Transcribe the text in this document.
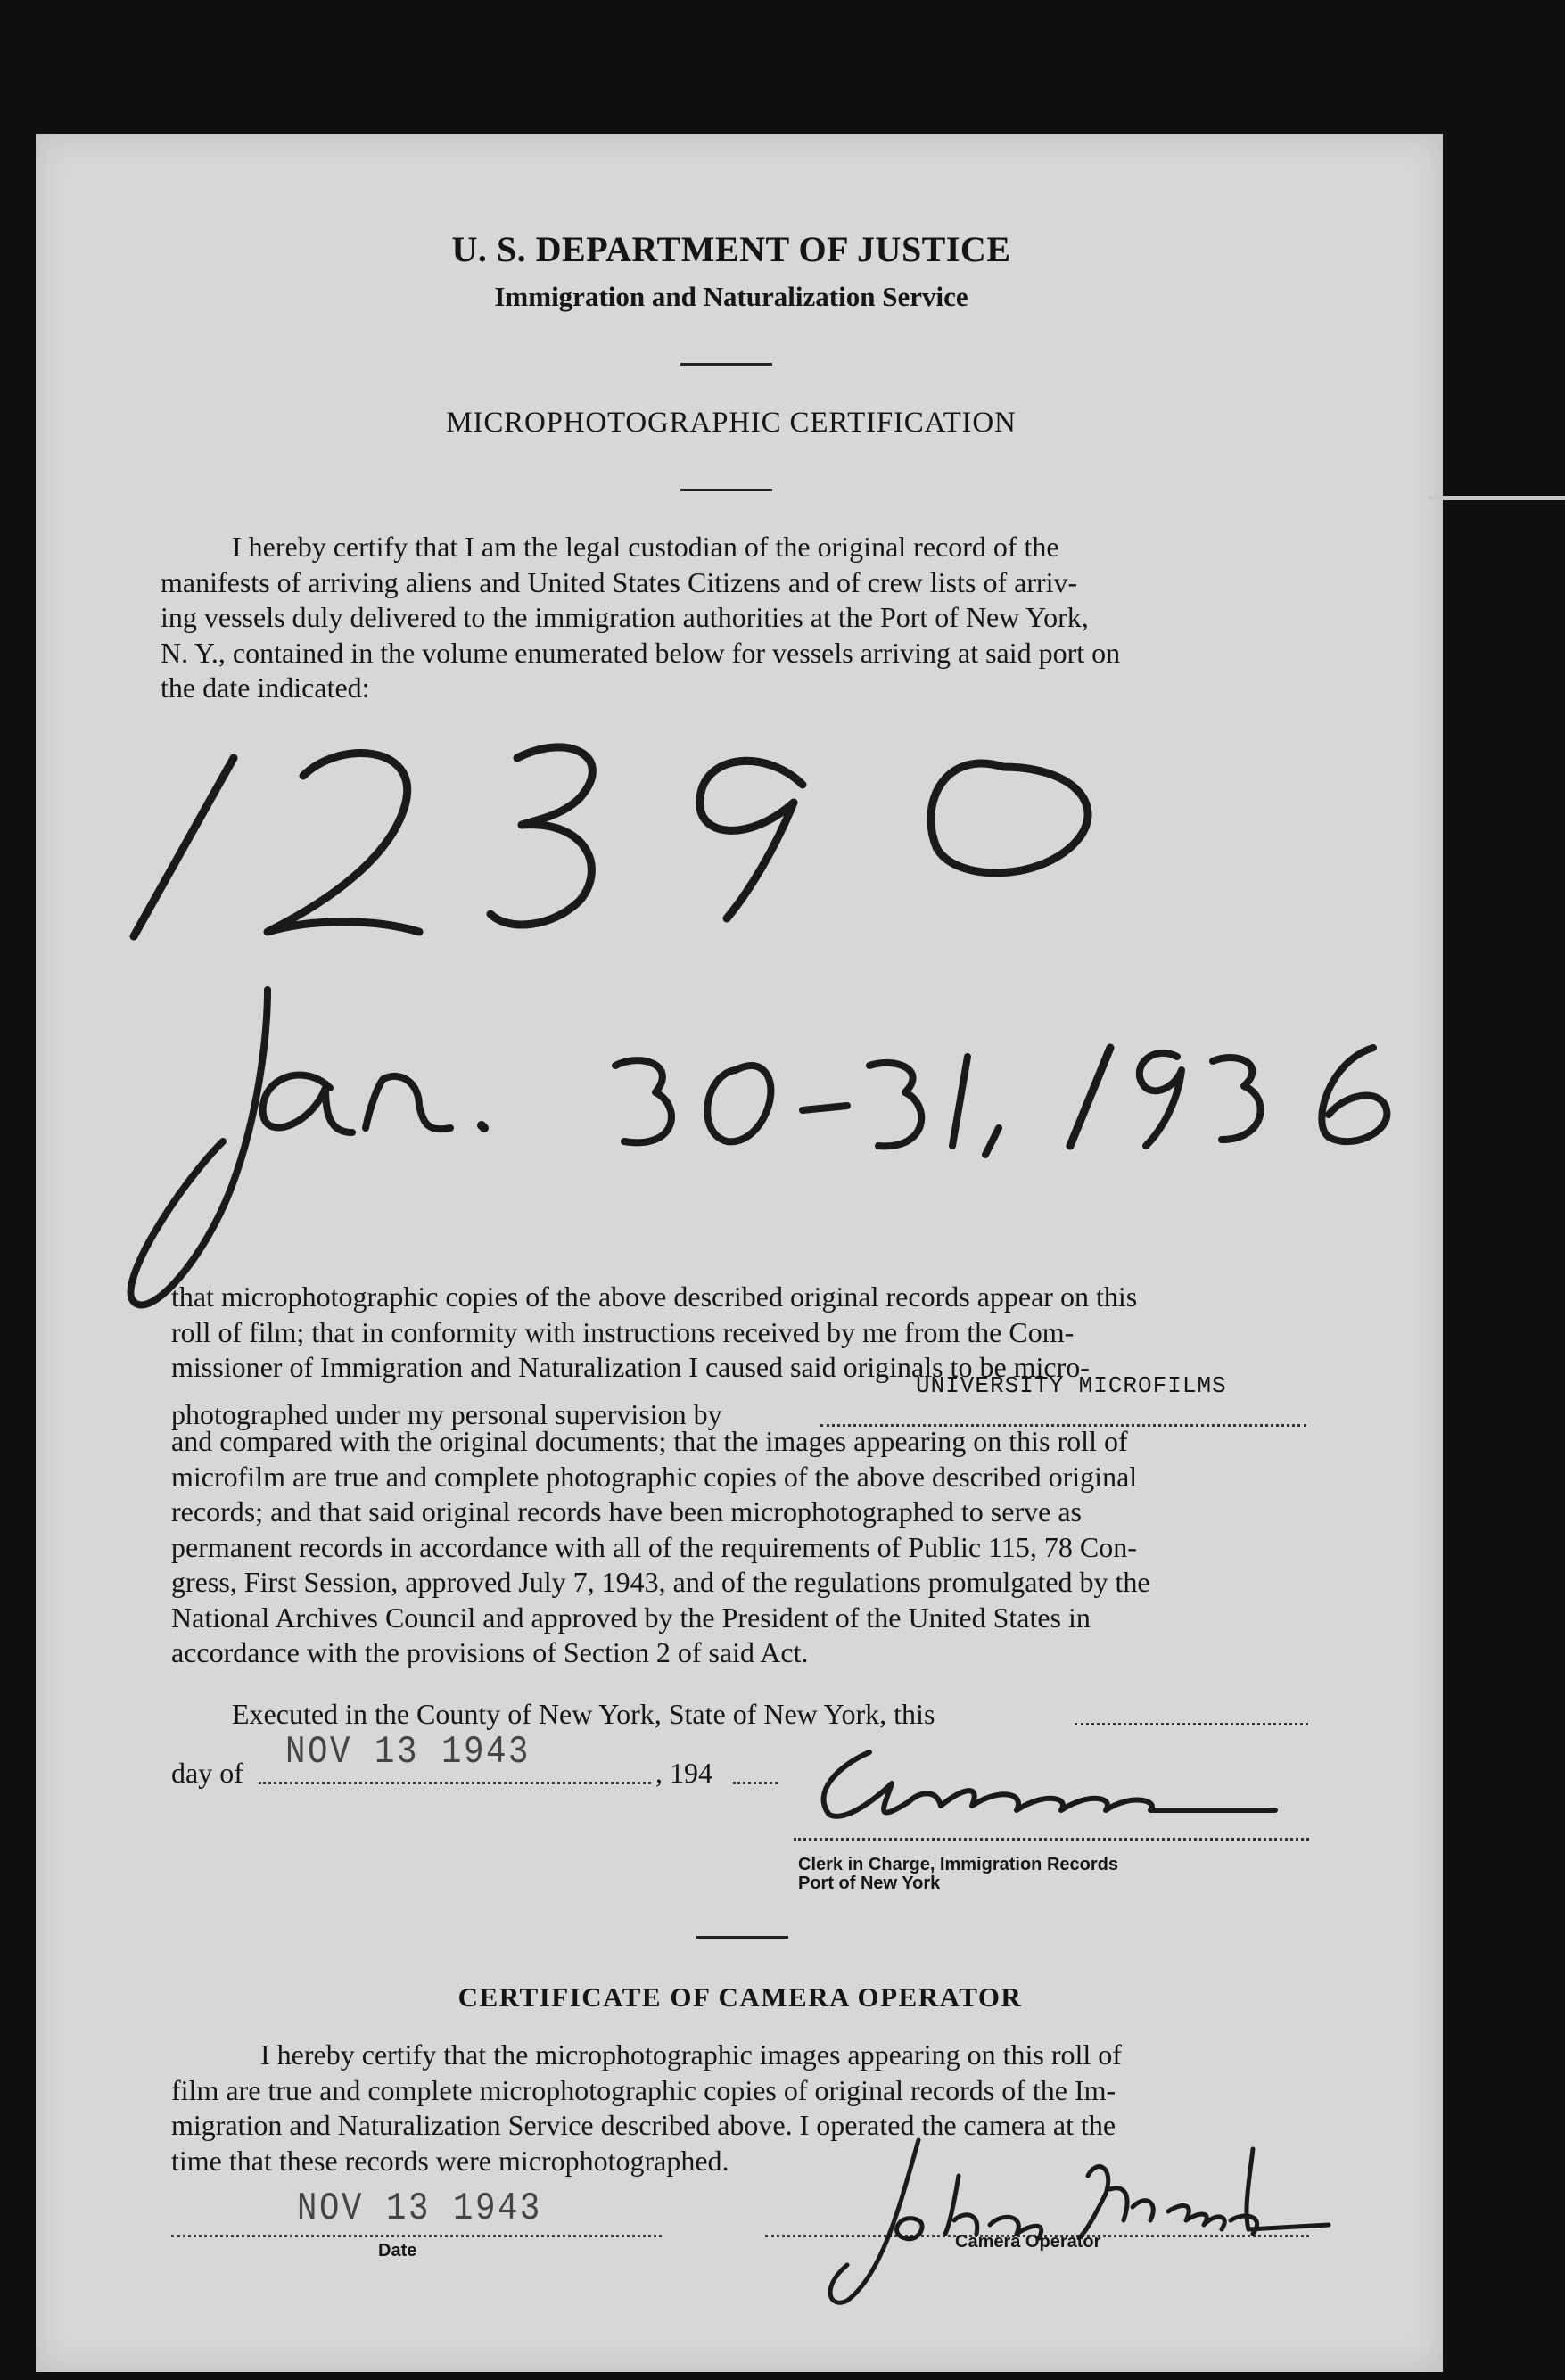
U. S. DEPARTMENT OF JUSTICE
Immigration and Naturalization Service
MICROPHOTOGRAPHIC CERTIFICATION
I hereby certify that I am the legal custodian of the original record of the
manifests of arriving aliens and United States Citizens and of crew lists of arriv-
ing vessels duly delivered to the immigration authorities at the Port of New York,
N. Y., contained in the volume enumerated below for vessels arriving at said port on
the date indicated:
that microphotographic copies of the above described original records appear on this
roll of film; that in conformity with instructions received by me from the Com-
missioner of Immigration and Naturalization I caused said originals to be micro-
photographed under my personal supervision by
UNIVERSITY MICROFILMS
and compared with the original documents; that the images appearing on this roll of
microfilm are true and complete photographic copies of the above described original
records; and that said original records have been microphotographed to serve as
permanent records in accordance with all of the requirements of Public 115, 78 Con-
gress, First Session, approved July 7, 1943, and of the regulations promulgated by the
National Archives Council and approved by the President of the United States in
accordance with the provisions of Section 2 of said Act.
Executed in the County of New York, State of New York, this
day of NOV 13 1943	, 194
Clerk in Charge, Immigration Records
Port of New York
CERTIFICATE OF CAMERA OPERATOR
I hereby certify that the microphotographic images appearing on this roll of
film are true and complete microphotographic copies of original records of the Im-
migration and Naturalization Service described above. I operated the camera at the
time that these records were microphotographed.
NOV 13 1943
Date	Camera Operator
